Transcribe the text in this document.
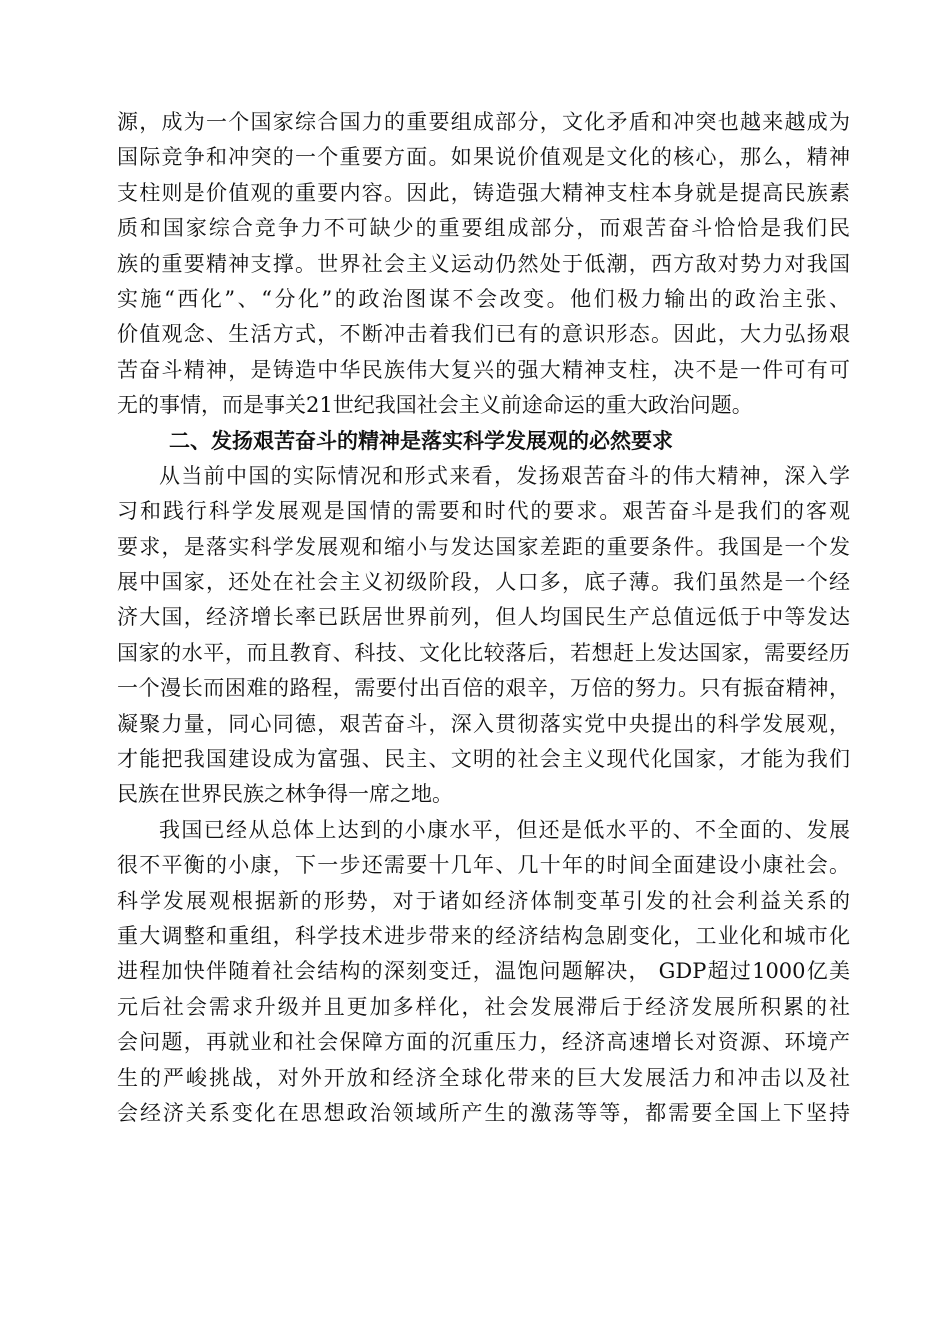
源，成为一个国家综合国力的重要组成部分，文化矛盾和冲突也越来越成为
国际竞争和冲突的一个重要方面。如果说价值观是文化的核心，那么，精神
支柱则是价值观的重要内容。因此，铸造强大精神支柱本身就是提高民族素
质和国家综合竞争力不可缺少的重要组成部分，而艰苦奋斗恰恰是我们民
族的重要精神支撑。世界社会主义运动仍然处于低潮，西方敌对势力对我国
实施“西化”、“分化”的政治图谋不会改变。他们极力输出的政治主张、
价值观念、生活方式，不断冲击着我们已有的意识形态。因此，大力弘扬艰
苦奋斗精神，是铸造中华民族伟大复兴的强大精神支柱，决不是一件可有可
无的事情，而是事关21世纪我国社会主义前途命运的重大政治问题。
二、发扬艰苦奋斗的精神是落实科学发展观的必然要求
从当前中国的实际情况和形式来看，发扬艰苦奋斗的伟大精神，深入学
习和践行科学发展观是国情的需要和时代的要求。艰苦奋斗是我们的客观
要求，是落实科学发展观和缩小与发达国家差距的重要条件。我国是一个发
展中国家，还处在社会主义初级阶段，人口多，底子薄。我们虽然是一个经
济大国，经济增长率已跃居世界前列，但人均国民生产总值远低于中等发达
国家的水平，而且教育、科技、文化比较落后，若想赶上发达国家，需要经历
一个漫长而困难的路程，需要付出百倍的艰辛，万倍的努力。只有振奋精神，
凝聚力量，同心同德，艰苦奋斗，深入贯彻落实党中央提出的科学发展观，
才能把我国建设成为富强、民主、文明的社会主义现代化国家，才能为我们
民族在世界民族之林争得一席之地。
我国已经从总体上达到的小康水平，但还是低水平的、不全面的、发展
很不平衡的小康，下一步还需要十几年、几十年的时间全面建设小康社会。
科学发展观根据新的形势，对于诸如经济体制变革引发的社会利益关系的
重大调整和重组，科学技术进步带来的经济结构急剧变化，工业化和城市化
进程加快伴随着社会结构的深刻变迁，温饱问题解决， GDP超过1000亿美
元后社会需求升级并且更加多样化，社会发展滞后于经济发展所积累的社
会问题，再就业和社会保障方面的沉重压力，经济高速增长对资源、环境产
生的严峻挑战，对外开放和经济全球化带来的巨大发展活力和冲击以及社
会经济关系变化在思想政治领域所产生的激荡等等，都需要全国上下坚持
